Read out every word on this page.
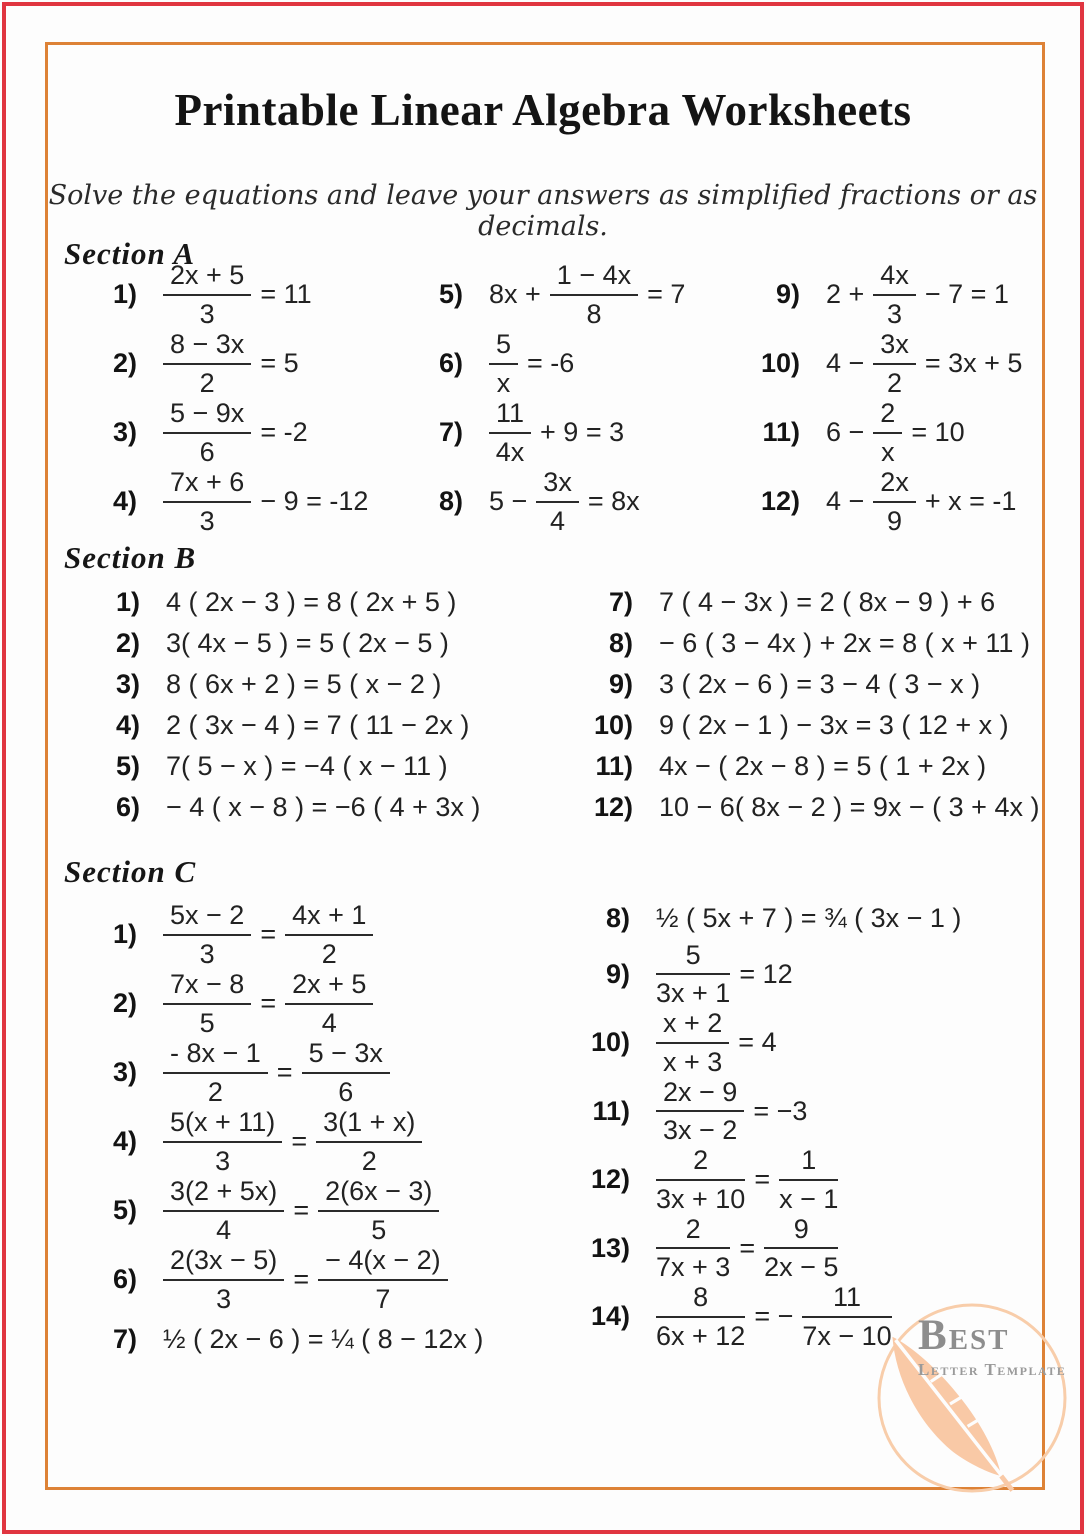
Printable Linear Algebra Worksheets

Solve the equations and leave your answers as simplified fractions or as decimals.

Section A
$1) \frac{2x + 5}{3} = 11$
$2) \frac{8 - 3x}{2} = 5$
$3) \frac{5 - 9x}{6} = -2$
$4) \frac{7x + 6}{3} - 9 = -12$
5) $8x + \frac{1 - 4x}{8} = 7$
$6) \frac{5}{x} = -6$
$7) \frac{11}{4x} + 9 = 3$
8) $5 - \frac{3x}{4} = 8x$
9) $2 + \frac{4x}{3} - 7 = 1$
10) $4 - \frac{3x}{2} = 3x + 5$
11) $6 - \frac{2}{x} = 10$
12) $4 - \frac{2x}{9} + x = -1$
Section B
1) 4 ( 2x − 3 ) = 8 ( 2x + 5 )
2) 3( 4x − 5 ) = 5 ( 2x − 5 )
3) 8 ( 6x + 2 ) = 5 ( x − 2 )
4) 2 ( 3x − 4 ) = 7 ( 11 − 2x )
5) 7( 5 − x ) = −4 ( x − 11 )
6) − 4 ( x − 8 ) = −6 ( 4 + 3x )
7) 7 ( 4 − 3x ) = 2 ( 8x − 9 ) + 6
8) − 6 ( 3 − 4x ) + 2x = 8 ( x + 11 )
9) 3 ( 2x − 6 ) = 3 − 4 ( 3 − x )
10) 9 ( 2x − 1 ) − 3x = 3 ( 12 + x )
11) 4x − ( 2x − 8 ) = 5 ( 1 + 2x )
12) 10 − 6( 8x − 2 ) = 9x − ( 3 + 4x )
Section C
$1) \frac{5x - 2}{3} = \frac{4x + 1}{2}$
$2) \frac{7x - 8}{5} = \frac{2x + 5}{4}$
$3) \frac{- 8x - 1}{2} = \frac{5 - 3x}{6}$
$4) \frac{5(x + 11)}{3} = \frac{3(1 + x)}{2}$
$5) \frac{3(2 + 5x)}{4} = \frac{2(6x - 3)}{5}$
$6) \frac{2(3x - 5)}{3} = \frac{- 4(x - 2)}{7}$
7) ½ ( 2x − 6 ) = ¼ ( 8 − 12x )
8) ½ ( 5x + 7 ) = ¾ ( 3x − 1 )
$9) \frac{5}{3x + 1} = 12$
$10) \frac{x + 2}{x + 3} = 4$
$11) \frac{2x - 9}{3x - 2} = -3$
$12) \frac{2}{3x + 10} = \frac{1}{x - 1}$
$13) \frac{2}{7x + 3} = \frac{9}{2x - 5}$
$14) \frac{8}{6x + 12}$ = − $\frac{11}{7x - 10}$ BEST
Letter Template
